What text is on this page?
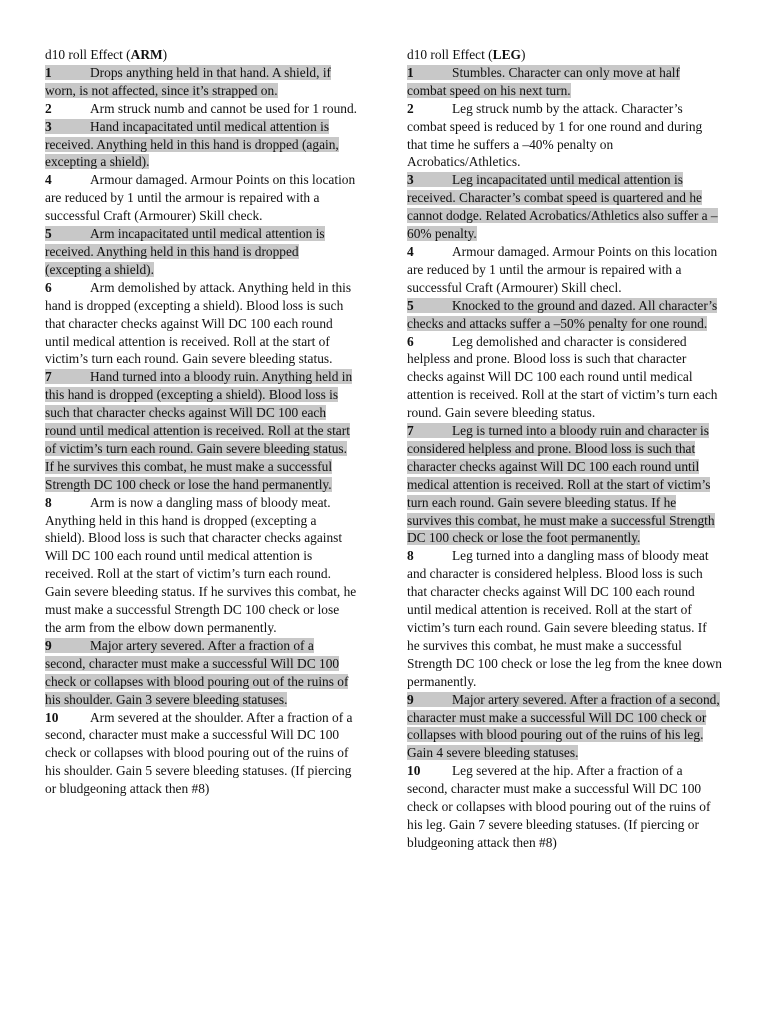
d10 roll Effect (ARM)

1	Drops anything held in that hand. A shield, if worn, is not affected, since it’s strapped on.

2	Arm struck numb and cannot be used for 1 round.

3	Hand incapacitated until medical attention is received. Anything held in this hand is dropped (again, excepting a shield).

4	Armour damaged. Armour Points on this location are reduced by 1 until the armour is repaired with a successful Craft (Armourer) Skill check.

5	Arm incapacitated until medical attention is received. Anything held in this hand is dropped (excepting a shield).

6	Arm demolished by attack. Anything held in this hand is dropped (excepting a shield). Blood loss is such that character checks against Will DC 100 each round until medical attention is received. Roll at the start of victim’s turn each round. Gain severe bleeding status.

7	Hand turned into a bloody ruin. Anything held in this hand is dropped (excepting a shield). Blood loss is such that character checks against Will DC 100 each round until medical attention is received. Roll at the start of victim’s turn each round. Gain severe bleeding status. If he survives this combat, he must make a successful Strength DC 100 check or lose the hand permanently.

8	Arm is now a dangling mass of bloody meat. Anything held in this hand is dropped (excepting a shield). Blood loss is such that character checks against Will DC 100 each round until medical attention is received. Roll at the start of victim’s turn each round. Gain severe bleeding status. If he survives this combat, he must make a successful Strength DC 100 check or lose the arm from the elbow down permanently.

9	Major artery severed. After a fraction of a second, character must make a successful Will DC 100 check or collapses with blood pouring out of the ruins of his shoulder. Gain 3 severe bleeding statuses.

10 Arm severed at the shoulder. After a fraction of a second, character must make a successful Will DC 100 check or collapses with blood pouring out of the ruins of his shoulder. Gain 5 severe bleeding statuses. (If piercing or bludgeoning attack then #8)

d10 roll Effect (LEG)

1	Stumbles. Character can only move at half combat speed on his next turn.

2	Leg struck numb by the attack. Character’s combat speed is reduced by 1 for one round and during that time he suffers a –40% penalty on Acrobatics/Athletics.

3	Leg incapacitated until medical attention is received. Character’s combat speed is quartered and he cannot dodge. Related Acrobatics/Athletics also suffer a –60% penalty.

4	Armour damaged. Armour Points on this location are reduced by 1 until the armour is repaired with a successful Craft (Armourer) Skill checl.

5	Knocked to the ground and dazed. All character’s checks and attacks suffer a –50% penalty for one round.

6	Leg demolished and character is considered helpless and prone. Blood loss is such that character checks against Will DC 100 each round until medical attention is received. Roll at the start of victim’s turn each round. Gain severe bleeding status.

7	Leg is turned into a bloody ruin and character is considered helpless and prone. Blood loss is such that character checks against Will DC 100 each round until medical attention is received. Roll at the start of victim’s turn each round. Gain severe bleeding status. If he survives this combat, he must make a successful Strength DC 100 check or lose the foot permanently.

8	Leg turned into a dangling mass of bloody meat and character is considered helpless. Blood loss is such that character checks against Will DC 100 each round until medical attention is received. Roll at the start of victim’s turn each round. Gain severe bleeding status. If he survives this combat, he must make a successful Strength DC 100 check or lose the leg from the knee down permanently.

9	Major artery severed. After a fraction of a second, character must make a successful Will DC 100 check or collapses with blood pouring out of the ruins of his leg. Gain 4 severe bleeding statuses.

10 Leg severed at the hip. After a fraction of a second, character must make a successful Will DC 100 check or collapses with blood pouring out of the ruins of his leg. Gain 7 severe bleeding statuses. (If piercing or bludgeoning attack then #8)
